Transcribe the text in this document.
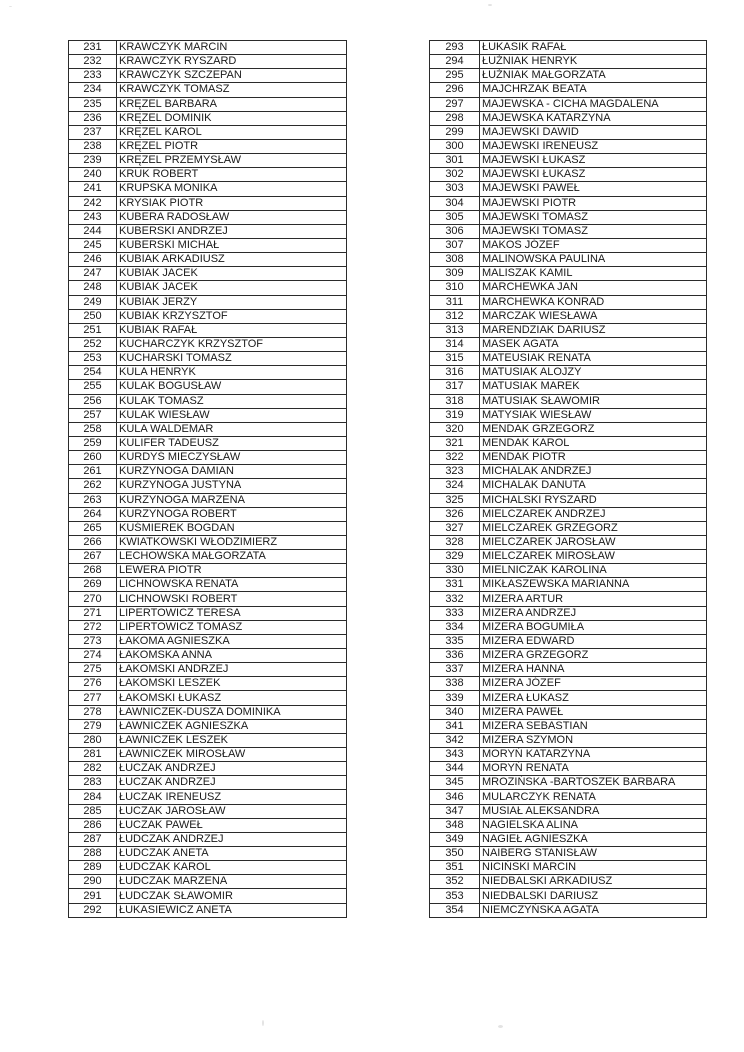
231	KRAWCZYK MARCIN
232	KRAWCZYK RYSZARD
233	KRAWCZYK SZCZEPAN
234	KRAWCZYK TOMASZ
235	KRĘZEL BARBARA
236	KRĘZEL DOMINIK
237	KRĘZEL KAROL
238	KRĘZEL PIOTR
239	KRĘZEL PRZEMYSŁAW
240	KRUK ROBERT
241	KRUPSKA MONIKA
242	KRYSIAK PIOTR
243	KUBERA RADOSŁAW
244	KUBERSKI ANDRZEJ
245	KUBERSKI MICHAŁ
246	KUBIAK ARKADIUSZ
247	KUBIAK JACEK
248	KUBIAK JACEK
249	KUBIAK JERZY
250	KUBIAK KRZYSZTOF
251	KUBIAK RAFAŁ
252	KUCHARCZYK KRZYSZTOF
253	KUCHARSKI TOMASZ
254	KULA HENRYK
255	KULAK BOGUSŁAW
256	KULAK TOMASZ
257	KULAK WIESŁAW
258	KULA WALDEMAR
259	KULIFER TADEUSZ
260	KURDYŚ MIECZYSŁAW
261	KURZYNOGA DAMIAN
262	KURZYNOGA JUSTYNA
263	KURZYNOGA MARZENA
264	KURZYNOGA ROBERT
265	KUŚMIEREK BOGDAN
266	KWIATKOWSKI WŁODZIMIERZ
267	LECHOWSKA MAŁGORZATA
268	LEWERA PIOTR
269	LICHNOWSKA RENATA
270	LICHNOWSKI ROBERT
271	LIPERTOWICZ TERESA
272	LIPERTOWICZ TOMASZ
273	ŁAKOMA AGNIESZKA
274	ŁAKOMSKA ANNA
275	ŁAKOMSKI ANDRZEJ
276	ŁAKOMSKI LESZEK
277	ŁAKOMSKI ŁUKASZ
278	ŁAWNICZEK-DUSZA DOMINIKA
279	ŁAWNICZEK AGNIESZKA
280	ŁAWNICZEK LESZEK
281	ŁAWNICZEK MIROSŁAW
282	ŁUCZAK ANDRZEJ
283	ŁUCZAK ANDRZEJ
284	ŁUCZAK IRENEUSZ
285	ŁUCZAK JAROSŁAW
286	ŁUCZAK PAWEŁ
287	ŁUDCZAK ANDRZEJ
288	ŁUDCZAK ANETA
289	ŁUDCZAK KAROL
290	ŁUDCZAK MARZENA
291	ŁUDCZAK SŁAWOMIR
292	ŁUKASIEWICZ ANETA
293	ŁUKASIK RAFAŁ
294	ŁUŹNIAK HENRYK
295	ŁUŹNIAK MAŁGORZATA
296	MAJCHRZAK BEATA
297	MAJEWSKA - CICHA MAGDALENA
298	MAJEWSKA KATARZYNA
299	MAJEWSKI DAWID
300	MAJEWSKI IRENEUSZ
301	MAJEWSKI ŁUKASZ
302	MAJEWSKI ŁUKASZ
303	MAJEWSKI PAWEŁ
304	MAJEWSKI PIOTR
305	MAJEWSKI TOMASZ
306	MAJEWSKI TOMASZ
307	MAKOS JÓZEF
308	MALINOWSKA PAULINA
309	MALISZAK KAMIL
310	MARCHEWKA JAN
311	MARCHEWKA KONRAD
312	MARCZAK WIESŁAWA
313	MARENDZIAK DARIUSZ
314	MASEK AGATA
315	MATEUSIAK RENATA
316	MATUSIAK ALOJZY
317	MATUSIAK MAREK
318	MATUSIAK SŁAWOMIR
319	MATYSIAK WIESŁAW
320	MENDAK GRZEGORZ
321	MENDAK KAROL
322	MENDAK PIOTR
323	MICHALAK ANDRZEJ
324	MICHALAK DANUTA
325	MICHALSKI RYSZARD
326	MIELCZAREK ANDRZEJ
327	MIELCZAREK GRZEGORZ
328	MIELCZAREK JAROSŁAW
329	MIELCZAREK MIROSŁAW
330	MIELNICZAK KAROLINA
331	MIKŁASZEWSKA MARIANNA
332	MIZERA ARTUR
333	MIZERA ANDRZEJ
334	MIZERA BOGUMIŁA
335	MIZERA EDWARD
336	MIZERA GRZEGORZ
337	MIZERA HANNA
338	MIZERA JÓZEF
339	MIZERA ŁUKASZ
340	MIZERA PAWEŁ
341	MIZERA SEBASTIAN
342	MIZERA SZYMON
343	MORYŃ KATARZYNA
344	MORYŃ RENATA
345	MROZIŃSKA -BARTOSZEK BARBARA
346	MULARCZYK RENATA
347	MUSIAŁ ALEKSANDRA
348	NAGIELSKA ALINA
349	NAGIEŁ AGNIESZKA
350	NAIBERG STANISŁAW
351	NICIŃSKI MARCIN
352	NIEDBALSKI ARKADIUSZ
353	NIEDBALSKI DARIUSZ
354	NIEMCZYŃSKA AGATA
